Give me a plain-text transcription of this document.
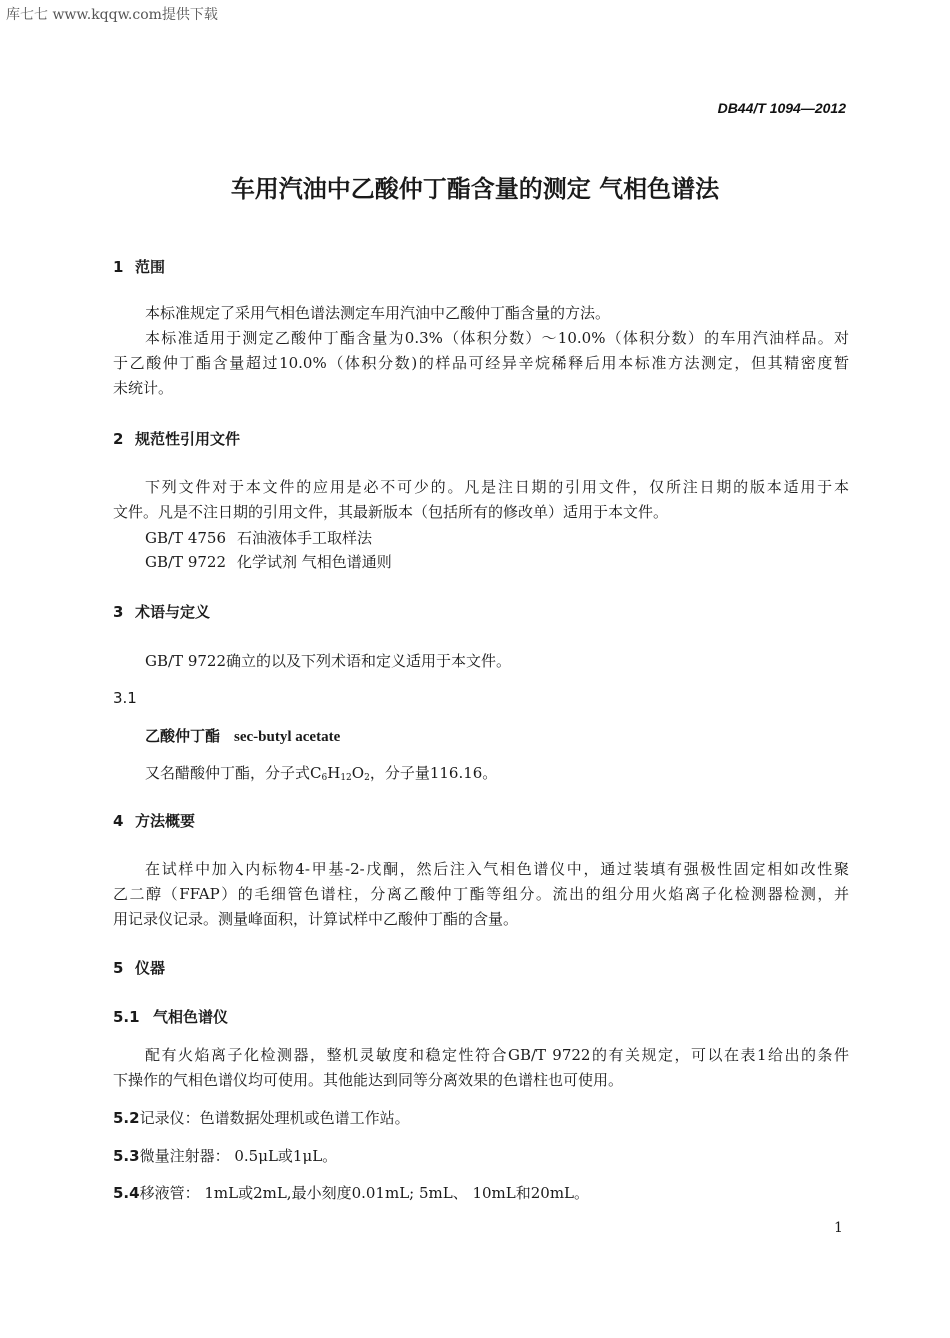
库七七 www.kqqw.com提供下载
DB44/T 1094—2012
车用汽油中乙酸仲丁酯含量的测定 气相色谱法
1 范围
本标准规定了采用气相色谱法测定车用汽油中乙酸仲丁酯含量的方法。
本标准适用于测定乙酸仲丁酯含量为0.3%（体积分数）～10.0%（体积分数）的车用汽油样品。对
于乙酸仲丁酯含量超过10.0%（体积分数)的样品可经异辛烷稀释后用本标准方法测定，但其精密度暂
未统计。
2 规范性引用文件
下列文件对于本文件的应用是必不可少的。凡是注日期的引用文件，仅所注日期的版本适用于本
文件。凡是不注日期的引用文件，其最新版本（包括所有的修改单）适用于本文件。
GB/T 4756 石油液体手工取样法
GB/T 9722 化学试剂 气相色谱通则
3 术语与定义
GB/T 9722确立的以及下列术语和定义适用于本文件。
3.1
乙酸仲丁酯 sec-butyl acetate
又名醋酸仲丁酯，分子式$C_6H_{12}O_2$，分子量116.16。
4 方法概要
在试样中加入内标物4-甲基-2-戊酮，然后注入气相色谱仪中，通过装填有强极性固定相如改性聚
乙二醇（FFAP）的毛细管色谱柱，分离乙酸仲丁酯等组分。流出的组分用火焰离子化检测器检测，并
用记录仪记录。测量峰面积，计算试样中乙酸仲丁酯的含量。
5 仪器
5.1 气相色谱仪
配有火焰离子化检测器，整机灵敏度和稳定性符合GB/T 9722的有关规定，可以在表1给出的条件
下操作的气相色谱仪均可使用。其他能达到同等分离效果的色谱柱也可使用。
5.2记录仪：色谱数据处理机或色谱工作站。
5.3微量注射器： 0.5μL或1μL。
5.4移液管： 1mL或2mL,最小刻度0.01mL; 5mL、 10mL和20mL。
1
